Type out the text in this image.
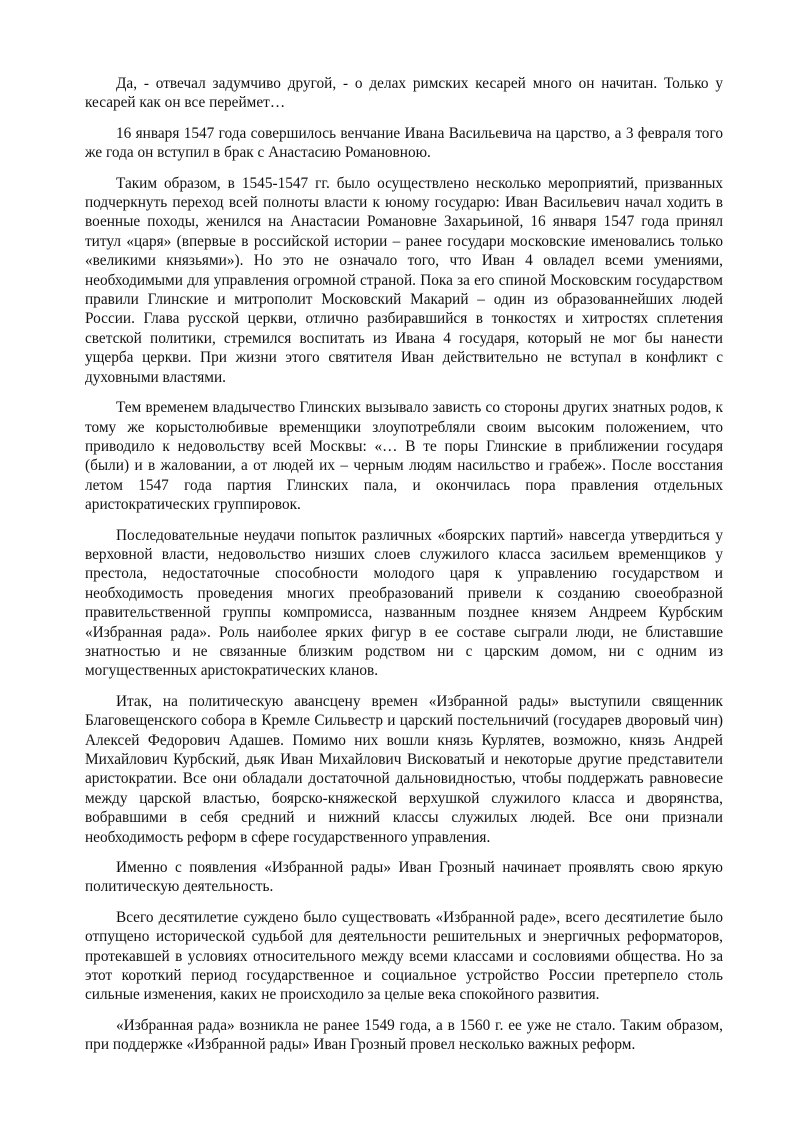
Да, - отвечал задумчиво другой, - о делах римских кесарей много он начитан. Только у кесарей как он все переймет…

16 января 1547 года совершилось венчание Ивана Васильевича на царство, а 3 февраля того же года он вступил в брак с Анастасию Романовною.

Таким образом, в 1545-1547 гг. было осуществлено несколько мероприятий, призванных подчеркнуть переход всей полноты власти к юному государю: Иван Васильевич начал ходить в военные походы, женился на Анастасии Романовне Захарьиной, 16 января 1547 года принял титул «царя» (впервые в российской истории – ранее государи московские именовались только «великими князьями»). Но это не означало того, что Иван 4 овладел всеми умениями, необходимыми для управления огромной страной. Пока за его спиной Московским государством правили Глинские и митрополит Московский Макарий – один из образованнейших людей России. Глава русской церкви, отлично разбиравшийся в тонкостях и хитростях сплетения светской политики, стремился воспитать из Ивана 4 государя, который не мог бы нанести ущерба церкви. При жизни этого святителя Иван действительно не вступал в конфликт с духовными властями.

Тем временем владычество Глинских вызывало зависть со стороны других знатных родов, к тому же корыстолюбивые временщики злоупотребляли своим высоким положением, что приводило к недовольству всей Москвы: «… В те поры Глинские в приближении государя (были) и в жаловании, а от людей их – черным людям насильство и грабеж». После восстания летом 1547 года партия Глинских пала, и окончилась пора правления отдельных аристократических группировок.

Последовательные неудачи попыток различных «боярских партий» навсегда утвердиться у верховной власти, недовольство низших слоев служилого класса засильем временщиков у престола, недостаточные способности молодого царя к управлению государством и необходимость проведения многих преобразований привели к созданию своеобразной правительственной группы компромисса, названным позднее князем Андреем Курбским «Избранная рада». Роль наиболее ярких фигур в ее составе сыграли люди, не блиставшие знатностью и не связанные близким родством ни с царским домом, ни с одним из могущественных аристократических кланов.

Итак, на политическую авансцену времен «Избранной рады» выступили священник Благовещенского собора в Кремле Сильвестр и царский постельничий (государев дворовый чин) Алексей Федорович Адашев. Помимо них вошли князь Курлятев, возможно, князь Андрей Михайлович Курбский, дьяк Иван Михайлович Висковатый и некоторые другие представители аристократии. Все они обладали достаточной дальновидностью, чтобы поддержать равновесие между царской властью, боярско-княжеской верхушкой служилого класса и дворянства, вобравшими в себя средний и нижний классы служилых людей. Все они признали необходимость реформ в сфере государственного управления.

Именно с появления «Избранной рады» Иван Грозный начинает проявлять свою яркую политическую деятельность.

Всего десятилетие суждено было существовать «Избранной раде», всего десятилетие было отпущено исторической судьбой для деятельности решительных и энергичных реформаторов, протекавшей в условиях относительного между всеми классами и сословиями общества. Но за этот короткий период государственное и социальное устройство России претерпело столь сильные изменения, каких не происходило за целые века спокойного развития.

«Избранная рада» возникла не ранее 1549 года, а в 1560 г. ее уже не стало. Таким образом, при поддержке «Избранной рады» Иван Грозный провел несколько важных реформ.
